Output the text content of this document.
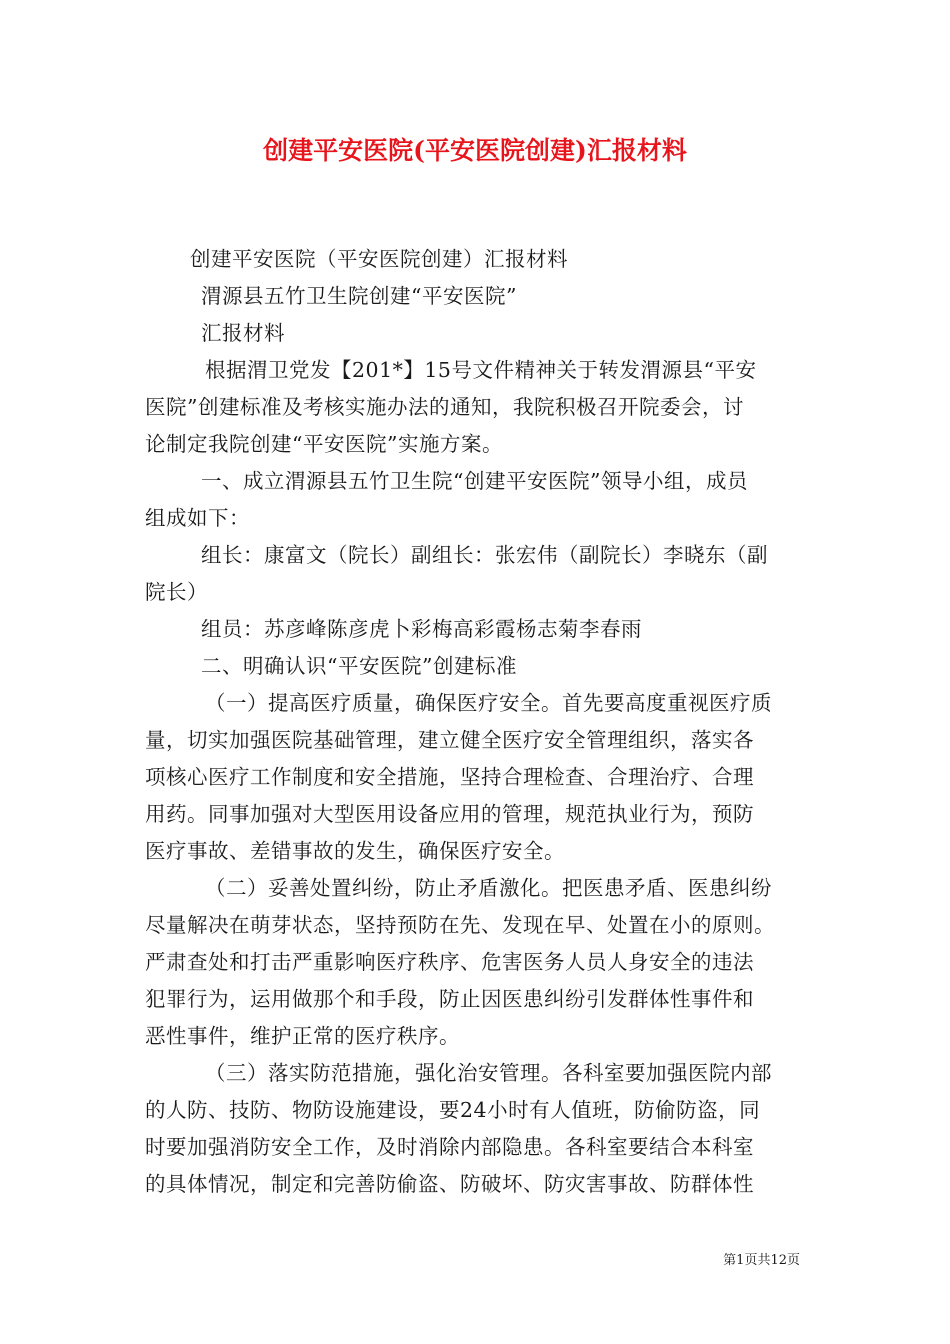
创建平安医院(平安医院创建)汇报材料
创建平安医院（平安医院创建）汇报材料
渭源县五竹卫生院创建“平安医院”
汇报材料
根据渭卫党发【201*】15号文件精神关于转发渭源县“平安
医院”创建标准及考核实施办法的通知，我院积极召开院委会，讨
论制定我院创建“平安医院”实施方案。
一、成立渭源县五竹卫生院“创建平安医院”领导小组，成员
组成如下：
组长：康富文（院长）副组长：张宏伟（副院长）李晓东（副
院长）
组员：苏彦峰陈彦虎卜彩梅高彩霞杨志菊李春雨
二、明确认识“平安医院”创建标准
（一）提高医疗质量，确保医疗安全。首先要高度重视医疗质
量，切实加强医院基础管理，建立健全医疗安全管理组织，落实各
项核心医疗工作制度和安全措施，坚持合理检查、合理治疗、合理
用药。同事加强对大型医用设备应用的管理，规范执业行为，预防
医疗事故、差错事故的发生，确保医疗安全。
（二）妥善处置纠纷，防止矛盾激化。把医患矛盾、医患纠纷
尽量解决在萌芽状态，坚持预防在先、发现在早、处置在小的原则。
严肃查处和打击严重影响医疗秩序、危害医务人员人身安全的违法
犯罪行为，运用做那个和手段，防止因医患纠纷引发群体性事件和
恶性事件，维护正常的医疗秩序。
（三）落实防范措施，强化治安管理。各科室要加强医院内部
的人防、技防、物防设施建设，要24小时有人值班，防偷防盗，同
时要加强消防安全工作，及时消除内部隐患。各科室要结合本科室
的具体情况，制定和完善防偷盗、防破坏、防灾害事故、防群体性
第1页共12页
